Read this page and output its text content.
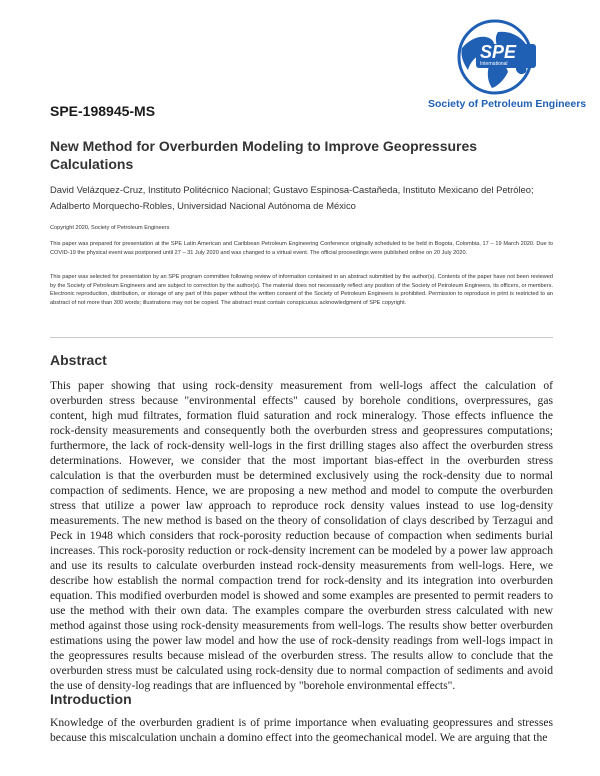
SPE
International
Society of Petroleum Engineers
SPE-198945-MS
New Method for Overburden Modeling to Improve Geopressures Calculations
David Velázquez-Cruz, Instituto Politécnico Nacional; Gustavo Espinosa-Castañeda, Instituto Mexicano del Petróleo; Adalberto Morquecho-Robles, Universidad Nacional Autónoma de México
Copyright 2020, Society of Petroleum Engineers
This paper was prepared for presentation at the SPE Latin American and Caribbean Petroleum Engineering Conference originally scheduled to be held in Bogota, Colombia, 17 – 19 March 2020. Due to COVID-19 the physical event was postponed until 27 – 31 July 2020 and was changed to a virtual event. The official proceedings were published online on 20 July 2020.
This paper was selected for presentation by an SPE program committee following review of information contained in an abstract submitted by the author(s). Contents of the paper have not been reviewed by the Society of Petroleum Engineers and are subject to correction by the author(s). The material does not necessarily reflect any position of the Society of Petroleum Engineers, its officers, or members. Electronic reproduction, distribution, or storage of any part of this paper without the written consent of the Society of Petroleum Engineers is prohibited. Permission to reproduce in print is restricted to an abstract of not more than 300 words; illustrations may not be copied. The abstract must contain conspicuous acknowledgment of SPE copyright.
Abstract

This paper showing that using rock-density measurement from well-logs affect the calculation of overburden stress because "environmental effects" caused by borehole conditions, overpressures, gas content, high mud filtrates, formation fluid saturation and rock mineralogy. Those effects influence the rock-density measurements and consequently both the overburden stress and geopressures computations; furthermore, the lack of rock-density well-logs in the first drilling stages also affect the overburden stress determinations. However, we consider that the most important bias-effect in the overburden stress calculation is that the overburden must be determined exclusively using the rock-density due to normal compaction of sediments. Hence, we are proposing a new method and model to compute the overburden stress that utilize a power law approach to reproduce rock density values instead to use log-density measurements. The new method is based on the theory of consolidation of clays described by Terzagui and Peck in 1948 which considers that rock-porosity reduction because of compaction when sediments burial increases. This rock-porosity reduction or rock-density increment can be modeled by a power law approach and use its results to calculate overburden instead rock-density measurements from well-logs. Here, we describe how establish the normal compaction trend for rock-density and its integration into overburden equation. This modified overburden model is showed and some examples are presented to permit readers to use the method with their own data. The examples compare the overburden stress calculated with new method against those using rock-density measurements from well-logs. The results show better overburden estimations using the power law model and how the use of rock-density readings from well-logs impact in the geopressures results because mislead of the overburden stress. The results allow to conclude that the overburden stress must be calculated using rock-density due to normal compaction of sediments and avoid the use of density-log readings that are influenced by "borehole environmental effects".

Introduction

Knowledge of the overburden gradient is of prime importance when evaluating geopressures and stresses because this miscalculation unchain a domino effect into the geomechanical model. We are arguing that the
